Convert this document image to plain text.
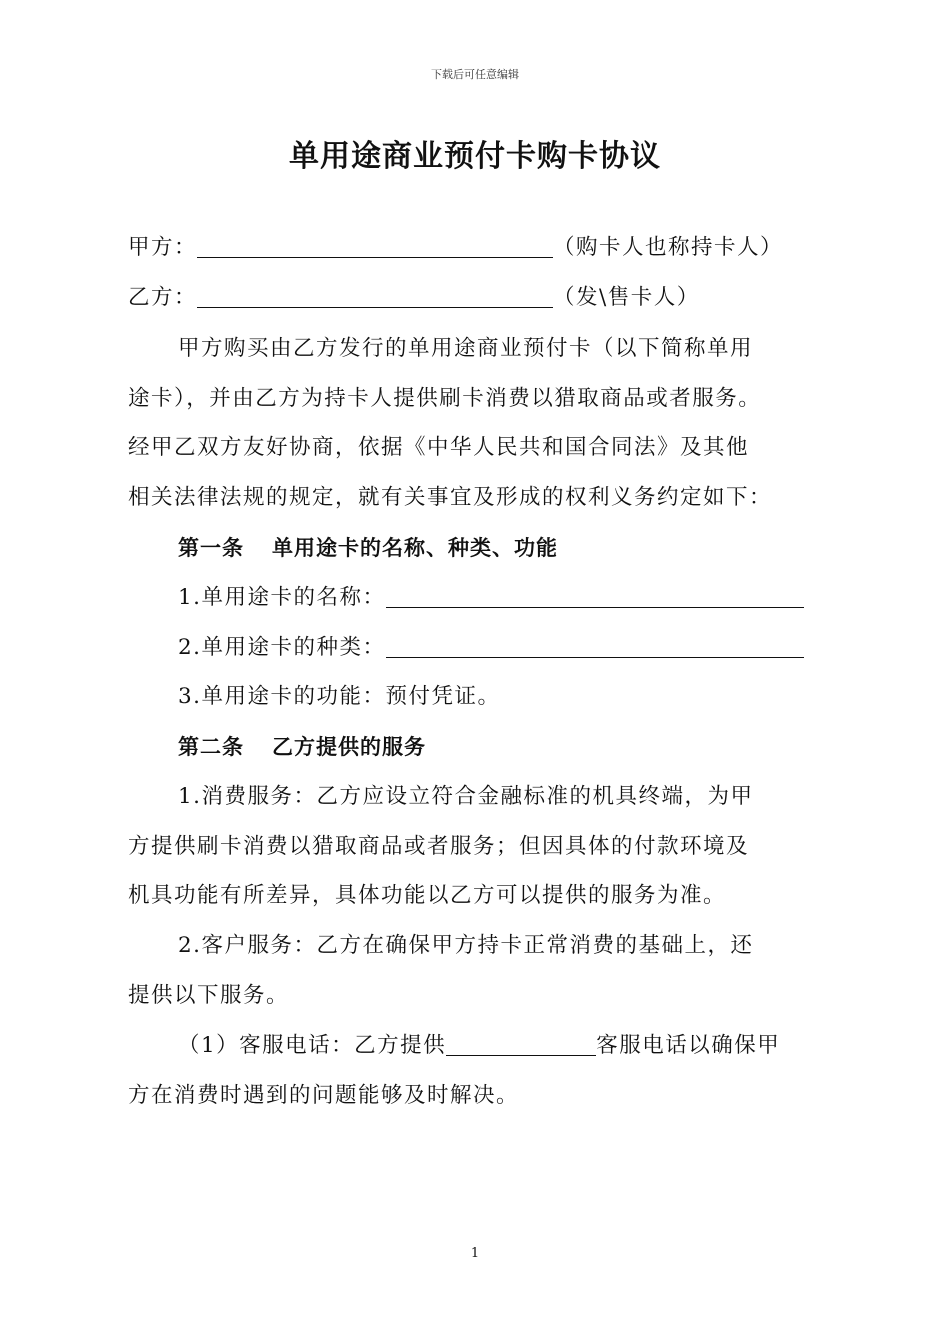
下载后可任意编辑
单用途商业预付卡购卡协议
甲方：	（购卡人也称持卡人）
乙方：	（发\售卡人）
甲方购买由乙方发行的单用途商业预付卡（以下简称单用
途卡），并由乙方为持卡人提供刷卡消费以猎取商品或者服务。
经甲乙双方友好协商，依据《中华人民共和国合同法》及其他
相关法律法规的规定，就有关事宜及形成的权利义务约定如下：
第一条 单用途卡的名称、种类、功能
1.单用途卡的名称：
2.单用途卡的种类：
3.单用途卡的功能：预付凭证。
第二条 乙方提供的服务
1.消费服务：乙方应设立符合金融标准的机具终端，为甲
方提供刷卡消费以猎取商品或者服务；但因具体的付款环境及
机具功能有所差异，具体功能以乙方可以提供的服务为准。
2.客户服务：乙方在确保甲方持卡正常消费的基础上，还
提供以下服务。
（1）客服电话：乙方提供	客服电话以确保甲
方在消费时遇到的问题能够及时解决。
1
